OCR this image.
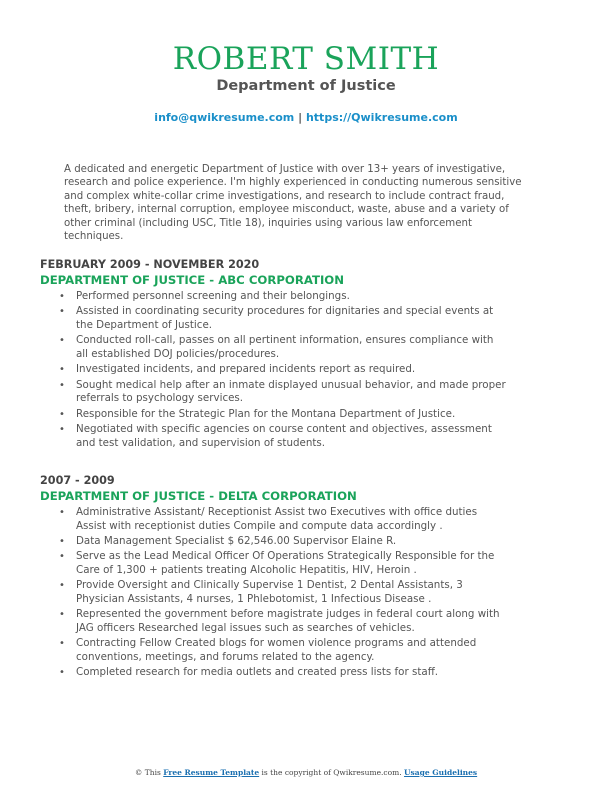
ROBERT SMITH
Department of Justice
info@qwikresume.com | https://Qwikresume.com
A dedicated and energetic Department of Justice with over 13+ years of investigative, research and police experience. I'm highly experienced in conducting numerous sensitive and complex white-collar crime investigations, and research to include contract fraud, theft, bribery, internal corruption, employee misconduct, waste, abuse and a variety of other criminal (including USC, Title 18), inquiries using various law enforcement techniques.
FEBRUARY 2009 - NOVEMBER 2020
DEPARTMENT OF JUSTICE - ABC CORPORATION
• Performed personnel screening and their belongings.
• Assisted in coordinating security procedures for dignitaries and special events at the Department of Justice.
• Conducted roll-call, passes on all pertinent information, ensures compliance with all established DOJ policies/procedures.
• Investigated incidents, and prepared incidents report as required.
• Sought medical help after an inmate displayed unusual behavior, and made proper referrals to psychology services.
• Responsible for the Strategic Plan for the Montana Department of Justice.
• Negotiated with specific agencies on course content and objectives, assessment and test validation, and supervision of students.
2007 - 2009
DEPARTMENT OF JUSTICE - DELTA CORPORATION
• Administrative Assistant/ Receptionist Assist two Executives with office duties Assist with receptionist duties Compile and compute data accordingly .
• Data Management Specialist $ 62,546.00 Supervisor Elaine R.
• Serve as the Lead Medical Officer Of Operations Strategically Responsible for the Care of 1,300 + patients treating Alcoholic Hepatitis, HIV, Heroin .
• Provide Oversight and Clinically Supervise 1 Dentist, 2 Dental Assistants, 3 Physician Assistants, 4 nurses, 1 Phlebotomist, 1 Infectious Disease .
• Represented the government before magistrate judges in federal court along with JAG officers Researched legal issues such as searches of vehicles.
• Contracting Fellow Created blogs for women violence programs and attended conventions, meetings, and forums related to the agency.
• Completed research for media outlets and created press lists for staff.
© This Free Resume Template is the copyright of Qwikresume.com. Usage Guidelines
